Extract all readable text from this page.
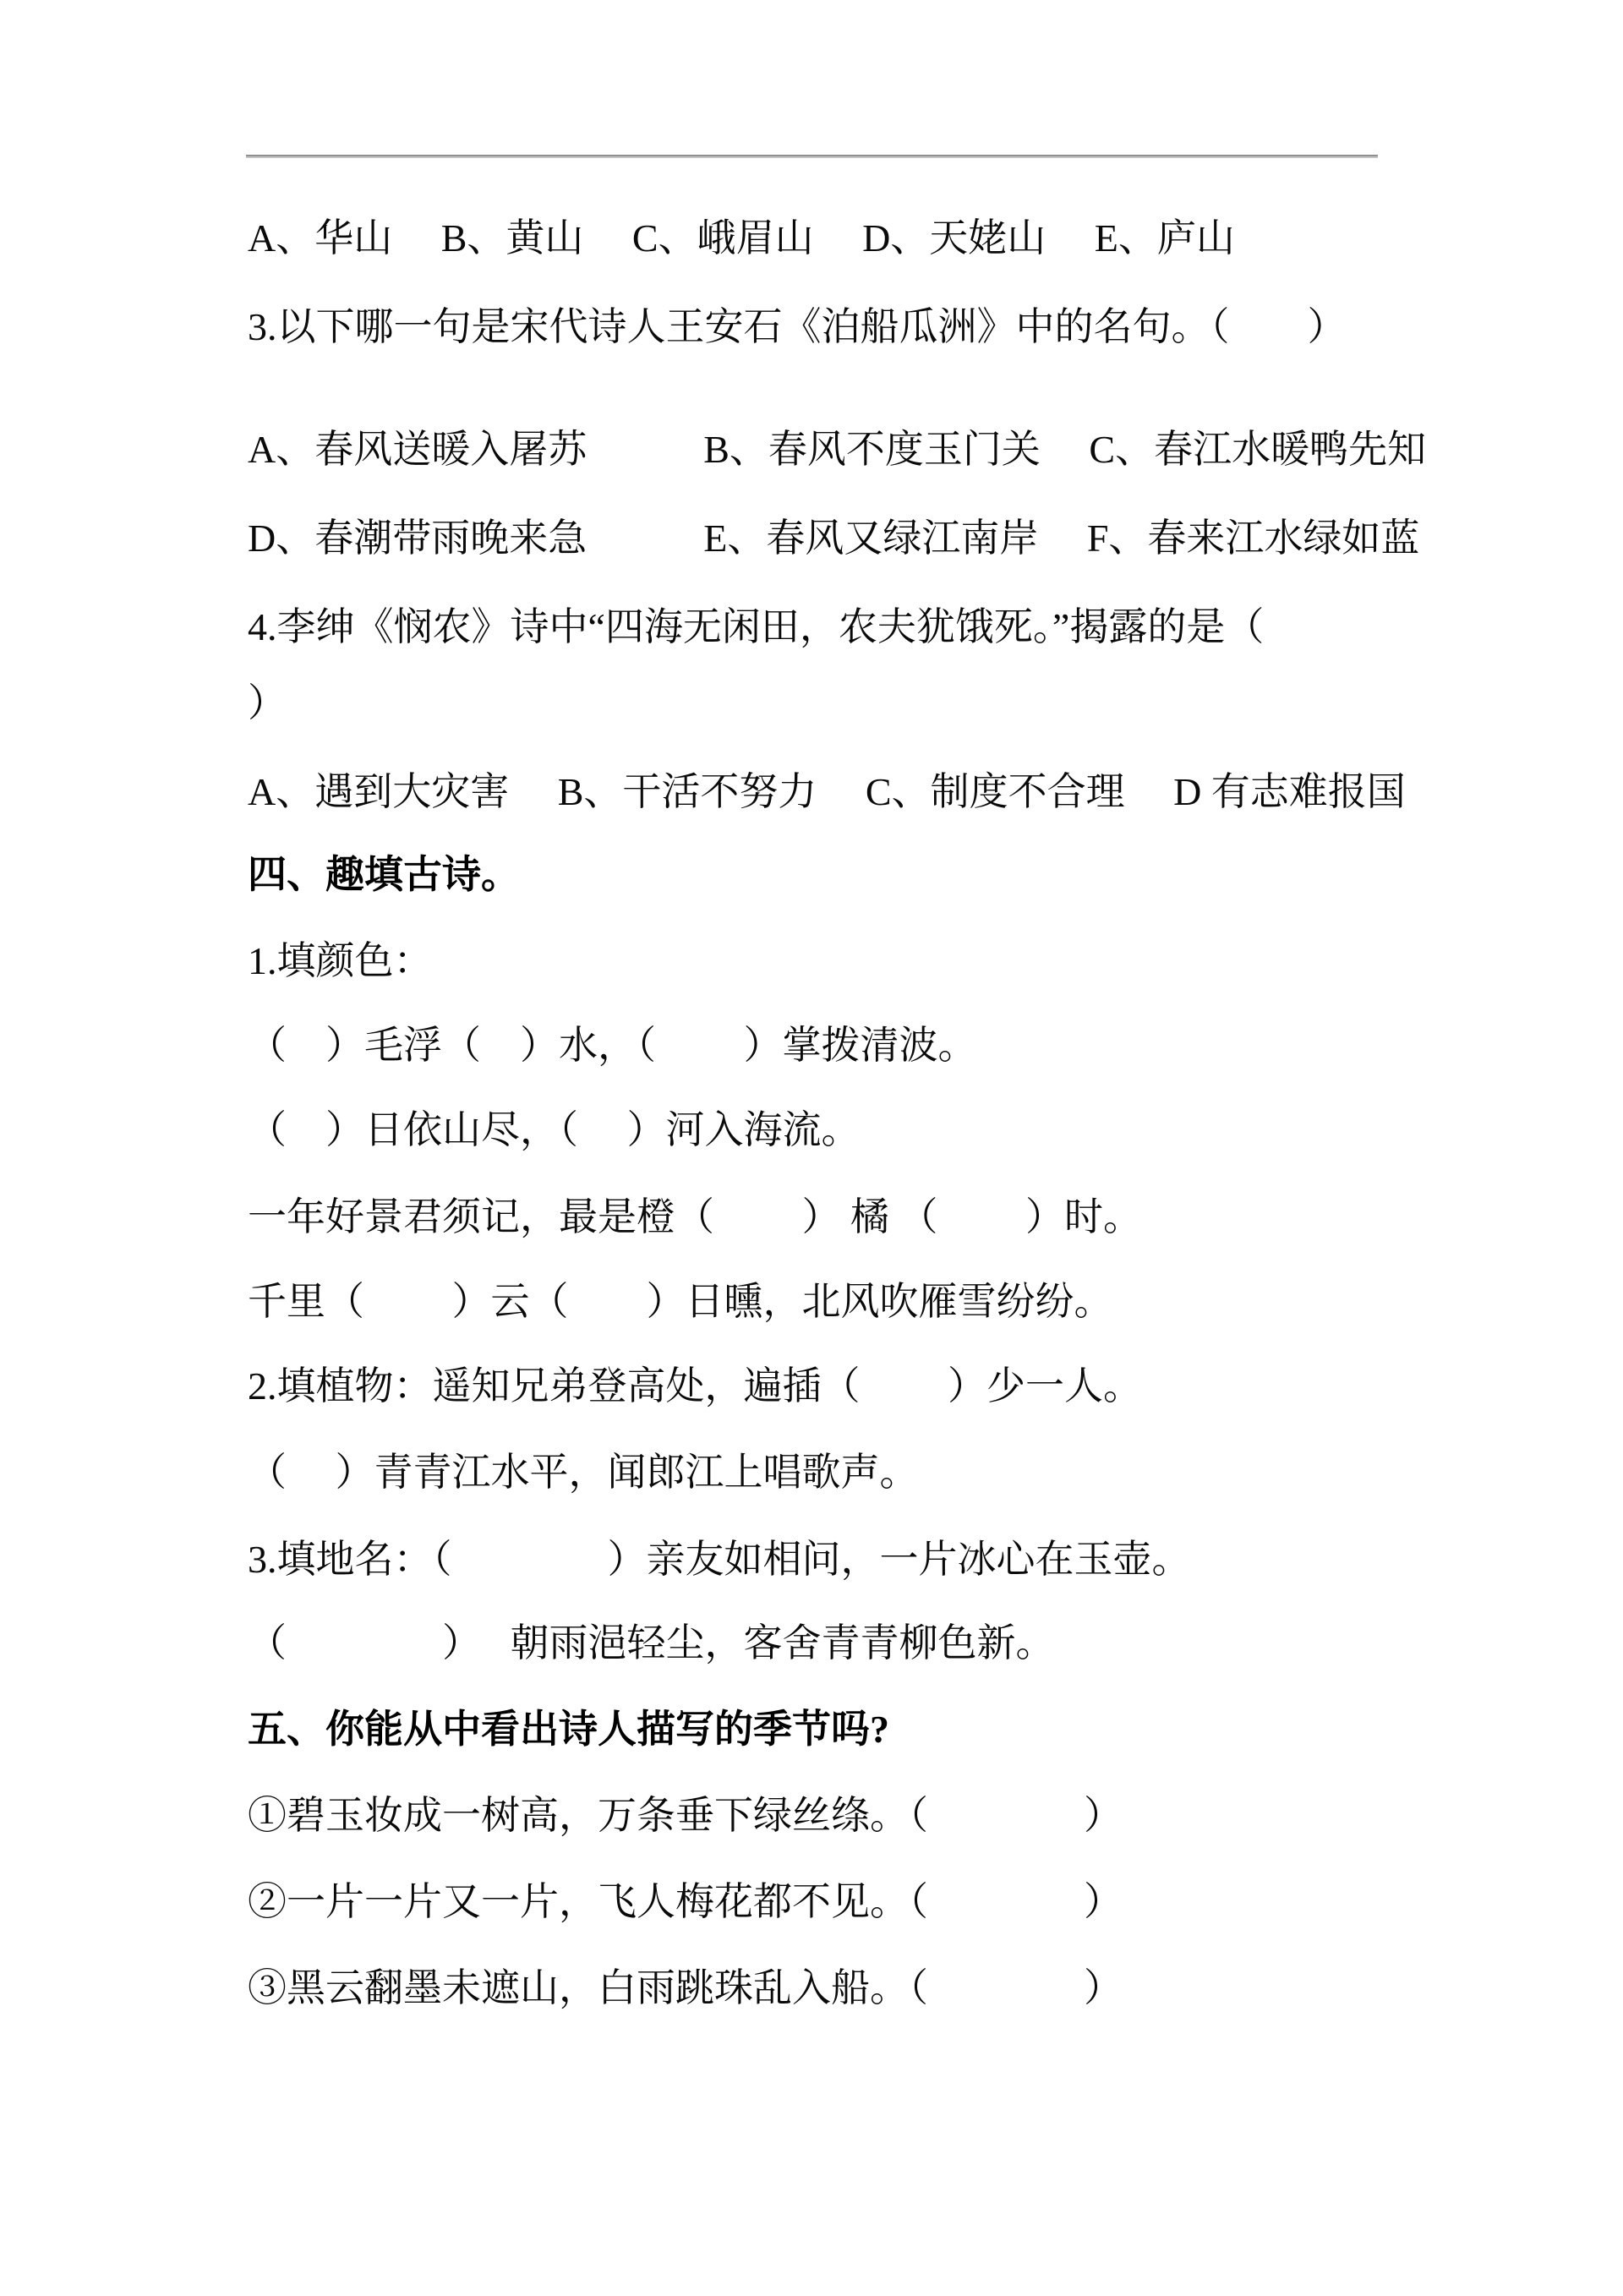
A、华山　 B、黄山　 C、峨眉山　 D、天姥山　 E、庐山
3.以下哪一句是宋代诗人王安石《泊船瓜洲》中的名句。（　　）
A、春风送暖入屠苏　　　B、春风不度玉门关　 C、春江水暖鸭先知
D、春潮带雨晚来急　　　E、春风又绿江南岸　 F、春来江水绿如蓝
4.李绅《悯农》诗中“四海无闲田，农夫犹饿死。”揭露的是（
）
A、遇到大灾害　 B、干活不努力　 C、制度不合理　 D 有志难报国
四、趣填古诗。
1.填颜色：
（　）毛浮（　）水，（　　 ）掌拨清波。
（　）日依山尽，（　 ）河入海流。
一年好景君须记，最是橙（　　 ） 橘 （　　 ）时。
千里（　　 ）云（　　）日曛，北风吹雁雪纷纷。
2.填植物：遥知兄弟登高处，遍插（　　 ）少一人。
（　 ）青青江水平，闻郎江上唱歌声。
3.填地名：（　　　　）亲友如相问，一片冰心在玉壶。
（　　　　）　 朝雨浥轻尘，客舍青青柳色新。
五、你能从中看出诗人描写的季节吗?
①碧玉妆成一树高，万条垂下绿丝绦。（　　　　）
②一片一片又一片，飞人梅花都不见。（　　　　）
③黑云翻墨未遮山，白雨跳珠乱入船。（　　　　）
